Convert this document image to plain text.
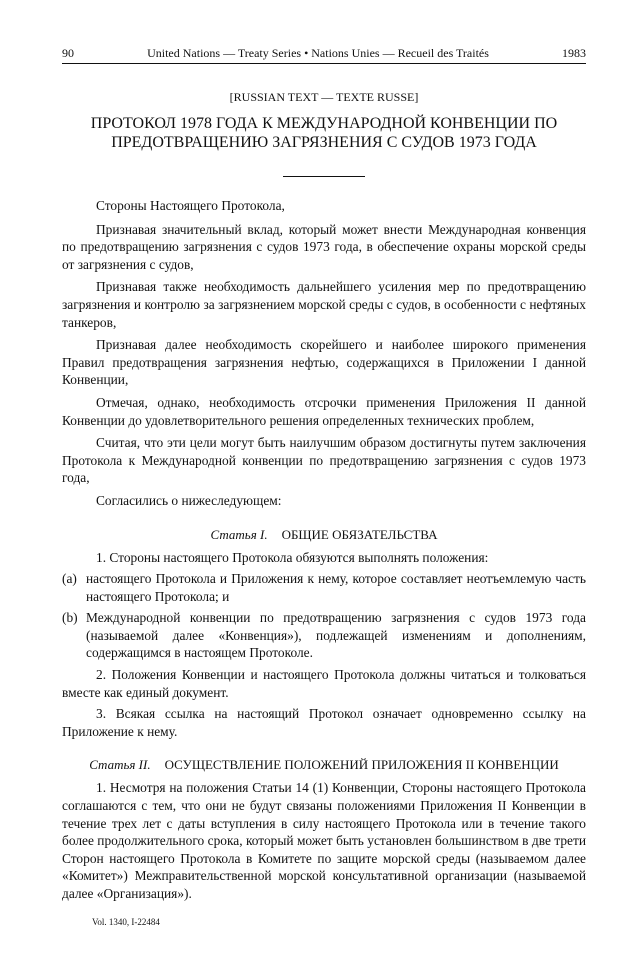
90	United Nations — Treaty Series • Nations Unies — Recueil des Traités	1983
[RUSSIAN TEXT — TEXTE RUSSE]
ПРОТОКОЛ 1978 ГОДА К МЕЖДУНАРОДНОЙ КОНВЕНЦИИ ПО ПРЕДОТВРАЩЕНИЮ ЗАГРЯЗНЕНИЯ С СУДОВ 1973 ГОДА

Стороны Настоящего Протокола,

Признавая значительный вклад, который может внести Международная конвенция по предотвращению загрязнения с судов 1973 года, в обеспечение охраны морской среды от загрязнения с судов,

Признавая также необходимость дальнейшего усиления мер по предотвращению загрязнения и контролю за загрязнением морской среды с судов, в особенности с нефтяных танкеров,

Признавая далее необходимость скорейшего и наиболее широкого применения Правил предотвращения загрязнения нефтью, содержащихся в Приложении I данной Конвенции,

Отмечая, однако, необходимость отсрочки применения Приложения II данной Конвенции до удовлетворительного решения определенных технических проблем,

Считая, что эти цели могут быть наилучшим образом достигнуты путем заключения Протокола к Международной конвенции по предотвращению загрязнения с судов 1973 года,

Согласились о нижеследующем:

Статья I. ОБЩИЕ ОБЯЗАТЕЛЬСТВА

1. Стороны настоящего Протокола обязуются выполнять положения:

(a) настоящего Протокола и Приложения к нему, которое составляет неотъемлемую часть настоящего Протокола; и
(b) Международной конвенции по предотвращению загрязнения с судов 1973 года (называемой далее «Конвенция»), подлежащей изменениям и дополнениям, содержащимся в настоящем Протоколе.

2. Положения Конвенции и настоящего Протокола должны читаться и толковаться вместе как единый документ.

3. Всякая ссылка на настоящий Протокол означает одновременно ссылку на Приложение к нему.

Статья II. ОСУЩЕСТВЛЕНИЕ ПОЛОЖЕНИЙ ПРИЛОЖЕНИЯ II КОНВЕНЦИИ

1. Несмотря на положения Статьи 14 (1) Конвенции, Стороны настоящего Протокола соглашаются с тем, что они не будут связаны положениями Приложения II Конвенции в течение трех лет с даты вступления в силу настоящего Протокола или в течение такого более продолжительного срока, который может быть установлен большинством в две трети Сторон настоящего Протокола в Комитете по защите морской среды (называемом далее «Комитет») Межправительственной морской консультативной организации (называемой далее «Организация»).

Vol. 1340, I-22484
